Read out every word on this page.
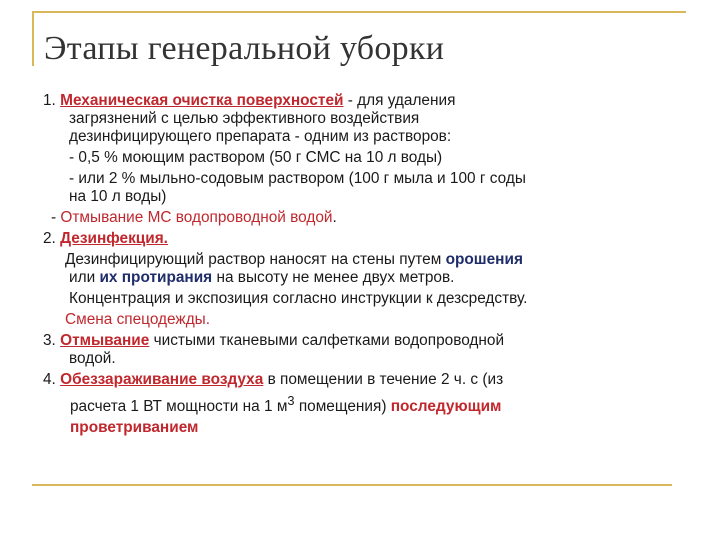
Этапы генеральной уборки
1. Механическая очистка поверхностей - для удаления
загрязнений с целью эффективного воздействия
дезинфицирующего препарата - одним из растворов:
- 0,5 % моющим раствором (50 г СМС на 10 л воды)
- или 2 % мыльно-содовым раствором (100 г мыла и 100 г соды
на 10 л воды)
- Отмывание МС водопроводной водой.
2. Дезинфекция.
Дезинфицирующий раствор наносят на стены путем орошения
или их протирания на высоту не менее двух метров.
Концентрация и экспозиция согласно инструкции к дезсредству.
Смена спецодежды.
3. Отмывание чистыми тканевыми салфетками водопроводной
водой.
4. Обеззараживание воздуха в помещении в течение 2 ч. с (из
расчета 1 ВТ мощности на 1 $м^3$ помещения) последующим
проветриванием
